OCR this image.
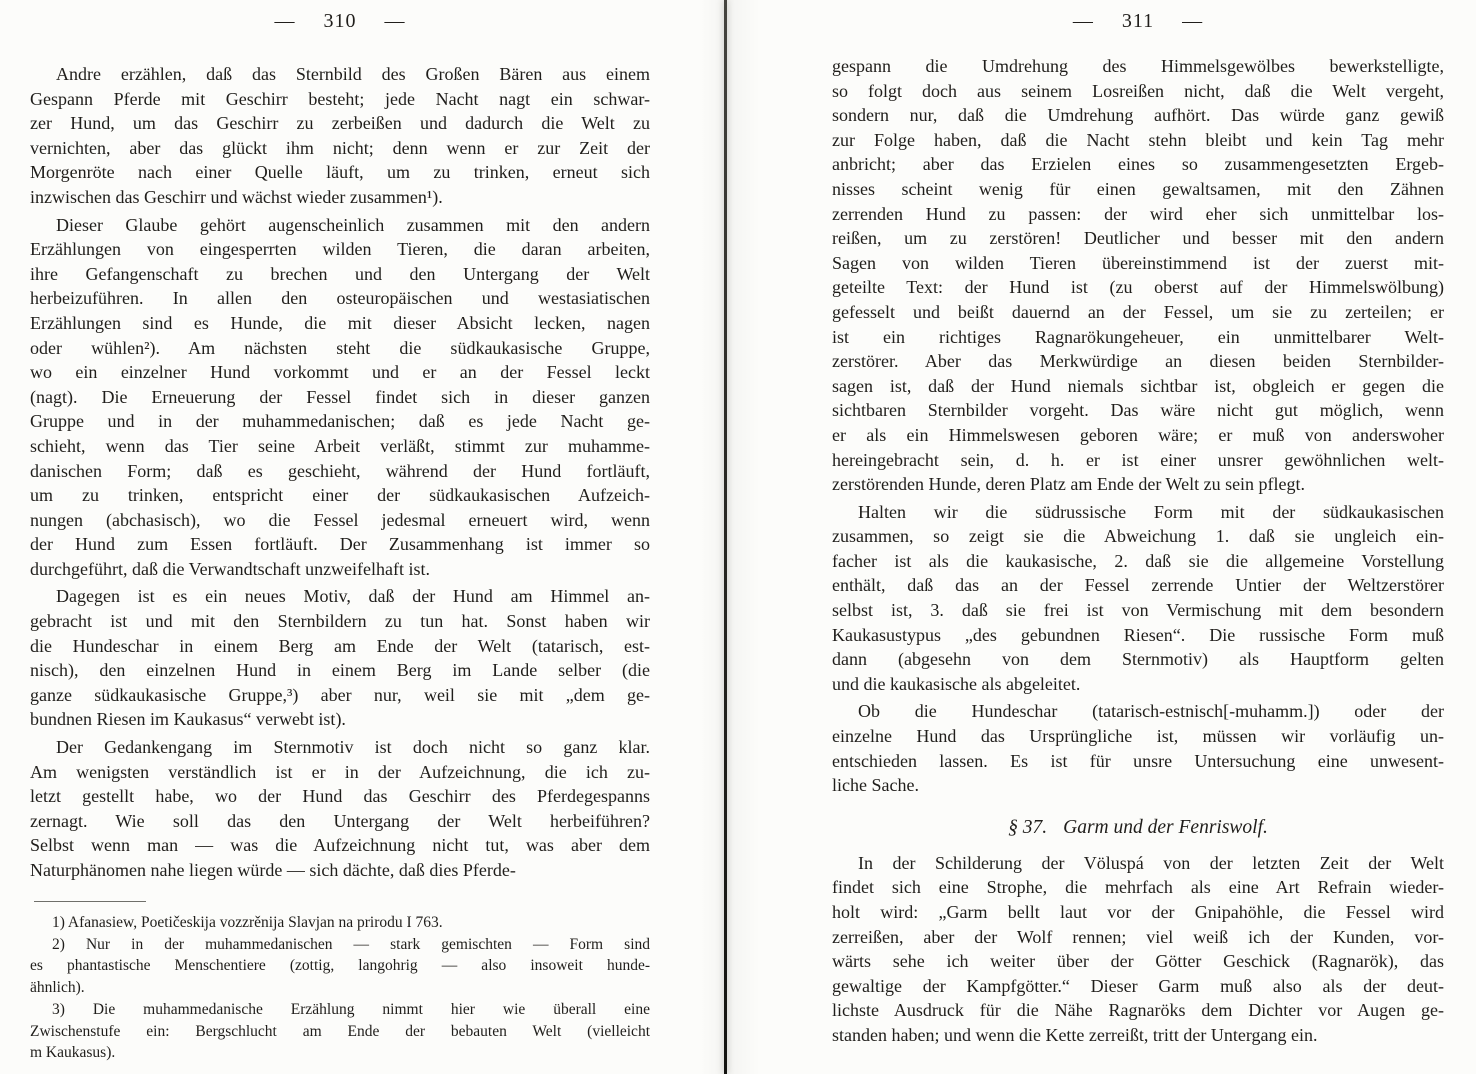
— 310 —
Andre erzählen, daß das Sternbild des Großen Bären aus einem
Gespann Pferde mit Geschirr besteht; jede Nacht nagt ein schwar-
zer Hund, um das Geschirr zu zerbeißen und dadurch die Welt zu
vernichten, aber das glückt ihm nicht; denn wenn er zur Zeit der
Morgenröte nach einer Quelle läuft, um zu trinken, erneut sich
inzwischen das Geschirr und wächst wieder zusammen¹).
Dieser Glaube gehört augenscheinlich zusammen mit den andern
Erzählungen von eingesperrten wilden Tieren, die daran arbeiten,
ihre Gefangenschaft zu brechen und den Untergang der Welt
herbeizuführen. In allen den osteuropäischen und westasiatischen
Erzählungen sind es Hunde, die mit dieser Absicht lecken, nagen
oder wühlen²). Am nächsten steht die südkaukasische Gruppe,
wo ein einzelner Hund vorkommt und er an der Fessel leckt
(nagt). Die Erneuerung der Fessel findet sich in dieser ganzen
Gruppe und in der muhammedanischen; daß es jede Nacht ge-
schieht, wenn das Tier seine Arbeit verläßt, stimmt zur muhamme-
danischen Form; daß es geschieht, während der Hund fortläuft,
um zu trinken, entspricht einer der südkaukasischen Aufzeich-
nungen (abchasisch), wo die Fessel jedesmal erneuert wird, wenn
der Hund zum Essen fortläuft. Der Zusammenhang ist immer so
durchgeführt, daß die Verwandtschaft unzweifelhaft ist.
Dagegen ist es ein neues Motiv, daß der Hund am Himmel an-
gebracht ist und mit den Sternbildern zu tun hat. Sonst haben wir
die Hundeschar in einem Berg am Ende der Welt (tatarisch, est-
nisch), den einzelnen Hund in einem Berg im Lande selber (die
ganze südkaukasische Gruppe,³) aber nur, weil sie mit „dem ge-
bundnen Riesen im Kaukasus“ verwebt ist).
Der Gedankengang im Sternmotiv ist doch nicht so ganz klar.
Am wenigsten verständlich ist er in der Aufzeichnung, die ich zu-
letzt gestellt habe, wo der Hund das Geschirr des Pferdegespanns
zernagt. Wie soll das den Untergang der Welt herbeiführen?
Selbst wenn man — was die Aufzeichnung nicht tut, was aber dem
Naturphänomen nahe liegen würde — sich dächte, daß dies Pferde-
1) Afanasiew, Poetičeskija vozzrěnija Slavjan na prirodu I 763.
2) Nur in der muhammedanischen — stark gemischten — Form sind
es phantastische Menschentiere (zottig, langohrig — also insoweit hunde-
ähnlich).
3) Die muhammedanische Erzählung nimmt hier wie überall eine
Zwischenstufe ein: Bergschlucht am Ende der bebauten Welt (vielleicht
m Kaukasus).
— 311 —
gespann die Umdrehung des Himmelsgewölbes bewerkstelligte,
so folgt doch aus seinem Losreißen nicht, daß die Welt vergeht,
sondern nur, daß die Umdrehung aufhört. Das würde ganz gewiß
zur Folge haben, daß die Nacht stehn bleibt und kein Tag mehr
anbricht; aber das Erzielen eines so zusammengesetzten Ergeb-
nisses scheint wenig für einen gewaltsamen, mit den Zähnen
zerrenden Hund zu passen: der wird eher sich unmittelbar los-
reißen, um zu zerstören! Deutlicher und besser mit den andern
Sagen von wilden Tieren übereinstimmend ist der zuerst mit-
geteilte Text: der Hund ist (zu oberst auf der Himmelswölbung)
gefesselt und beißt dauernd an der Fessel, um sie zu zerteilen; er
ist ein richtiges Ragnarökungeheuer, ein unmittelbarer Welt-
zerstörer. Aber das Merkwürdige an diesen beiden Sternbilder-
sagen ist, daß der Hund niemals sichtbar ist, obgleich er gegen die
sichtbaren Sternbilder vorgeht. Das wäre nicht gut möglich, wenn
er als ein Himmelswesen geboren wäre; er muß von anderswoher
hereingebracht sein, d. h. er ist einer unsrer gewöhnlichen welt-
zerstörenden Hunde, deren Platz am Ende der Welt zu sein pflegt.
Halten wir die südrussische Form mit der südkaukasischen
zusammen, so zeigt sie die Abweichung 1. daß sie ungleich ein-
facher ist als die kaukasische, 2. daß sie die allgemeine Vorstellung
enthält, daß das an der Fessel zerrende Untier der Weltzerstörer
selbst ist, 3. daß sie frei ist von Vermischung mit dem besondern
Kaukasustypus „des gebundnen Riesen“. Die russische Form muß
dann (abgesehn von dem Sternmotiv) als Hauptform gelten
und die kaukasische als abgeleitet.
Ob die Hundeschar (tatarisch-estnisch[-muhamm.]) oder der
einzelne Hund das Ursprüngliche ist, müssen wir vorläufig un-
entschieden lassen. Es ist für unsre Untersuchung eine unwesent-
liche Sache.
§ 37. Garm und der Fenriswolf.
In der Schilderung der Völuspá von der letzten Zeit der Welt
findet sich eine Strophe, die mehrfach als eine Art Refrain wieder-
holt wird: „Garm bellt laut vor der Gnipahöhle, die Fessel wird
zerreißen, aber der Wolf rennen; viel weiß ich der Kunden, vor-
wärts sehe ich weiter über der Götter Geschick (Ragnarök), das
gewaltige der Kampfgötter.“ Dieser Garm muß also als der deut-
lichste Ausdruck für die Nähe Ragnaröks dem Dichter vor Augen ge-
standen haben; und wenn die Kette zerreißt, tritt der Untergang ein.
